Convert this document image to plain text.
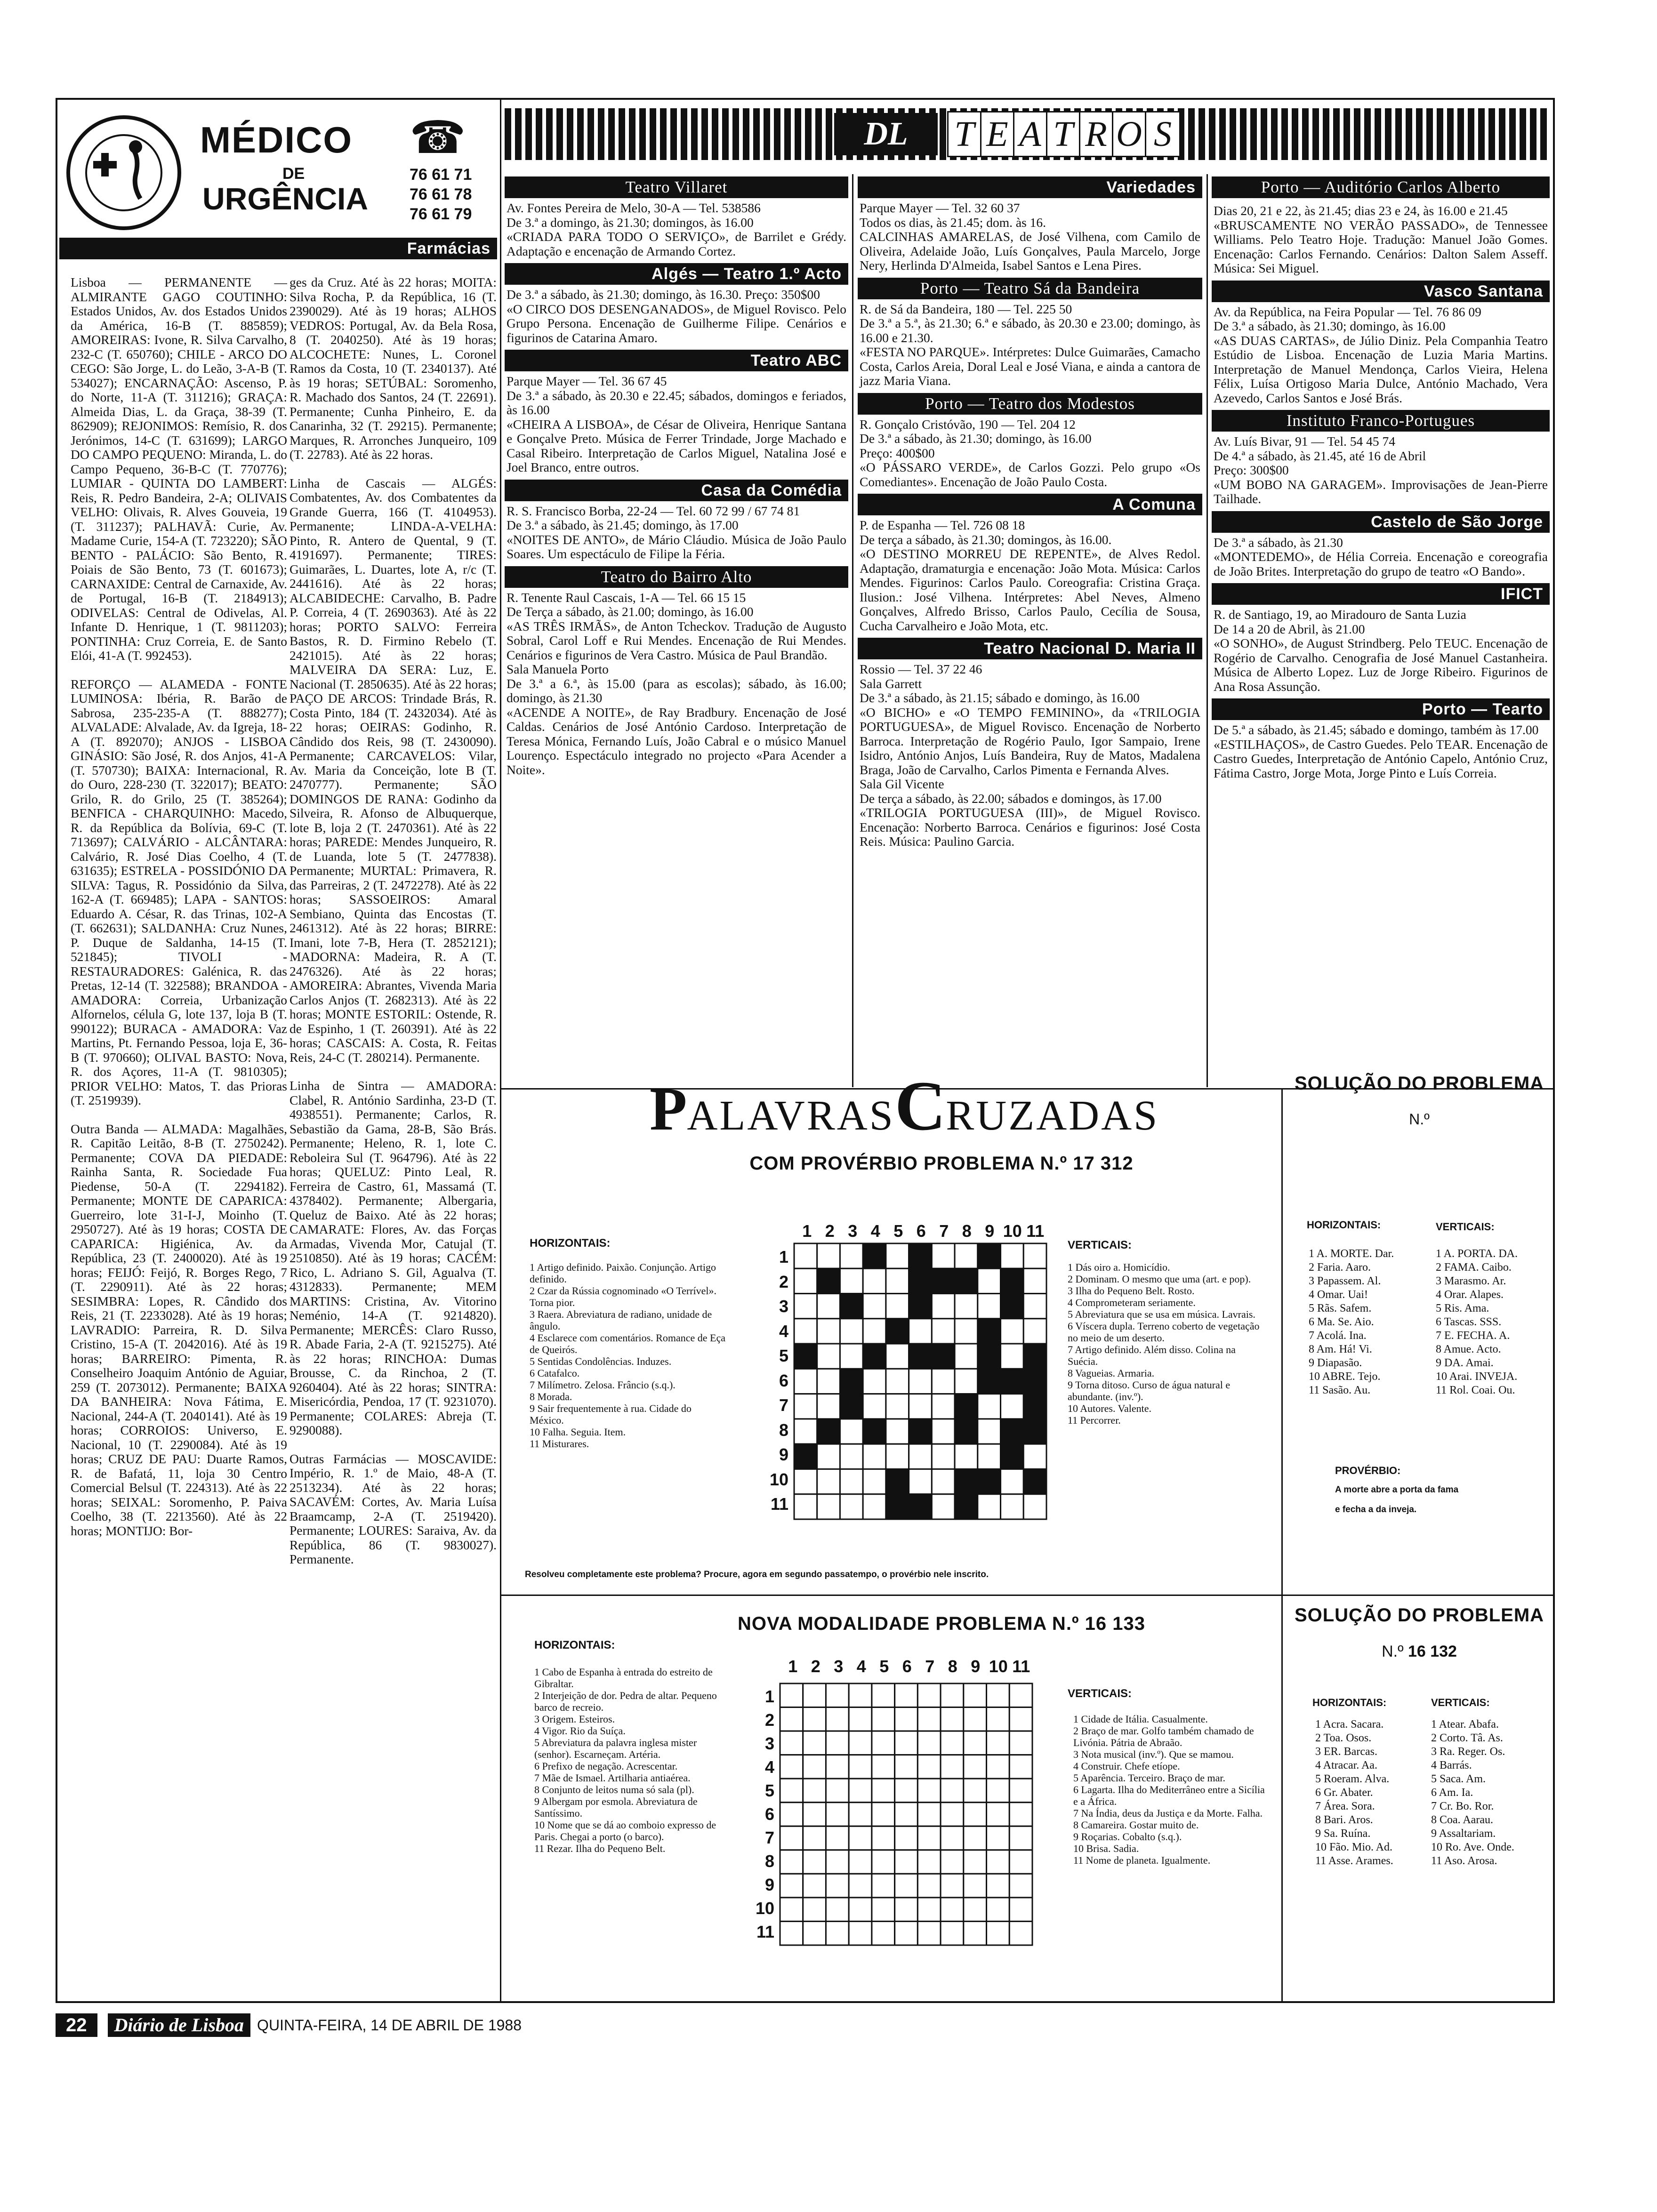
MÉDICO
DE
URGÊNCIA
☎
76 61 71
76 61 78
76 61 79
Farmácias

Lisboa — PERMANENTE — ALMIRANTE GAGO COUTINHO: Estados Unidos, Av. dos Estados Unidos da América, 16-B (T. 885859); AMOREIRAS: Ivone, R. Silva Carvalho, 232-C (T. 650760); CHILE - ARCO DO CEGO: São Jorge, L. do Leão, 3-A-B (T. 534027); ENCARNAÇÃO: Ascenso, P. do Norte, 11-A (T. 311216); GRAÇA: Almeida Dias, L. da Graça, 38-39 (T. 862909); REJONIMOS: Remísio, R. dos Jerónimos, 14-C (T. 631699); LARGO DO CAMPO PEQUENO: Miranda, L. do Campo Pequeno, 36-B-C (T. 770776); LUMIAR - QUINTA DO LAMBERT: Reis, R. Pedro Bandeira, 2-A; OLIVAIS VELHO: Olivais, R. Alves Gouveia, 19 (T. 311237); PALHAVÃ: Curie, Av. Madame Curie, 154-A (T. 723220); SÃO BENTO - PALÁCIO: São Bento, R. Poiais de São Bento, 73 (T. 601673); CARNAXIDE: Central de Carnaxide, Av. de Portugal, 16-B (T. 2184913); ODIVELAS: Central de Odivelas, Al. Infante D. Henrique, 1 (T. 9811203); PONTINHA: Cruz Correia, E. de Santo Elói, 41-A (T. 992453).

REFORÇO — ALAMEDA - FONTE LUMINOSA: Ibéria, R. Barão de Sabrosa, 235-235-A (T. 888277); ALVALADE: Alvalade, Av. da Igreja, 18-A (T. 892070); ANJOS - LISBOA GINÁSIO: São José, R. dos Anjos, 41-A (T. 570730); BAIXA: Internacional, R. do Ouro, 228-230 (T. 322017); BEATO: Grilo, R. do Grilo, 25 (T. 385264); BENFICA - CHARQUINHO: Macedo, R. da República da Bolívia, 69-C (T. 713697); CALVÁRIO - ALCÂNTARA: Calvário, R. José Dias Coelho, 4 (T. 631635); ESTRELA - POSSIDÓNIO DA SILVA: Tagus, R. Possidónio da Silva, 162-A (T. 669485); LAPA - SANTOS: Eduardo A. César, R. das Trinas, 102-A (T. 662631); SALDANHA: Cruz Nunes, P. Duque de Saldanha, 14-15 (T. 521845); TIVOLI - RESTAURADORES: Galénica, R. das Pretas, 12-14 (T. 322588); BRANDOA - AMADORA: Correia, Urbanização Alfornelos, célula G, lote 137, loja B (T. 990122); BURACA - AMADORA: Vaz Martins, Pt. Fernando Pessoa, loja E, 36-B (T. 970660); OLIVAL BASTO: Nova, R. dos Açores, 11-A (T. 9810305); PRIOR VELHO: Matos, T. das Prioras (T. 2519939).

Outra Banda — ALMADA: Magalhães, R. Capitão Leitão, 8-B (T. 2750242). Permanente; COVA DA PIEDADE: Rainha Santa, R. Sociedade Fua Piedense, 50-A (T. 2294182). Permanente; MONTE DE CAPARICA: Guerreiro, lote 31-I-J, Moinho (T. 2950727). Até às 19 horas; COSTA DE CAPARICA: Higiénica, Av. da República, 23 (T. 2400020). Até às 19 horas; FEIJÓ: Feijó, R. Borges Rego, 7 (T. 2290911). Até às 22 horas; SESIMBRA: Lopes, R. Cândido dos Reis, 21 (T. 2233028). Até às 19 horas; LAVRADIO: Parreira, R. D. Silva Cristino, 15-A (T. 2042016). Até às 19 horas; BARREIRO: Pimenta, R. Conselheiro Joaquim António de Aguiar, 259 (T. 2073012). Permanente; BAIXA DA BANHEIRA: Nova Fátima, E. Nacional, 244-A (T. 2040141). Até às 19 horas; CORROIOS: Universo, E. Nacional, 10 (T. 2290084). Até às 19 horas; CRUZ DE PAU: Duarte Ramos, R. de Bafatá, 11, loja 30 Centro Comercial Belsul (T. 224313). Até às 22 horas; SEIXAL: Soromenho, P. Paiva Coelho, 38 (T. 2213560). Até às 22 horas; MONTIJO: Bor-

ges da Cruz. Até às 22 horas; MOITA: Silva Rocha, P. da República, 16 (T. 2390029). Até às 19 horas; ALHOS VEDROS: Portugal, Av. da Bela Rosa, 8 (T. 2040250). Até às 19 horas; ALCOCHETE: Nunes, L. Coronel Ramos da Costa, 10 (T. 2340137). Até às 19 horas; SETÚBAL: Soromenho, R. Machado dos Santos, 24 (T. 22691). Permanente; Cunha Pinheiro, E. da Canarinha, 32 (T. 29215). Permanente; Marques, R. Arronches Junqueiro, 109 (T. 22783). Até às 22 horas.

Linha de Cascais — ALGÉS: Combatentes, Av. dos Combatentes da Grande Guerra, 166 (T. 4104953). Permanente; LINDA-A-VELHA: Pinto, R. Antero de Quental, 9 (T. 4191697). Permanente; TIRES: Guimarães, L. Duartes, lote A, r/c (T. 2441616). Até às 22 horas; ALCABIDECHE: Carvalho, B. Padre P. Correia, 4 (T. 2690363). Até às 22 horas; PORTO SALVO: Ferreira Bastos, R. D. Firmino Rebelo (T. 2421015). Até às 22 horas; MALVEIRA DA SERA: Luz, E. Nacional (T. 2850635). Até às 22 horas; PAÇO DE ARCOS: Trindade Brás, R. Costa Pinto, 184 (T. 2432034). Até às 22 horas; OEIRAS: Godinho, R. Cândido dos Reis, 98 (T. 2430090). Permanente; CARCAVELOS: Vilar, Av. Maria da Conceição, lote B (T. 2470777). Permanente; SÃO DOMINGOS DE RANA: Godinho da Silveira, R. Afonso de Albuquerque, lote B, loja 2 (T. 2470361). Até às 22 horas; PAREDE: Mendes Junqueiro, R. de Luanda, lote 5 (T. 2477838). Permanente; MURTAL: Primavera, R. das Parreiras, 2 (T. 2472278). Até às 22 horas; SASSOEIROS: Amaral Sembiano, Quinta das Encostas (T. 2461312). Até às 22 horas; BIRRE: Imani, lote 7-B, Hera (T. 2852121); MADORNA: Madeira, R. A (T. 2476326). Até às 22 horas; AMOREIRA: Abrantes, Vivenda Maria Carlos Anjos (T. 2682313). Até às 22 horas; MONTE ESTORIL: Ostende, R. de Espinho, 1 (T. 260391). Até às 22 horas; CASCAIS: A. Costa, R. Feitas Reis, 24-C (T. 280214). Permanente.

Linha de Sintra — AMADORA: Clabel, R. António Sardinha, 23-D (T. 4938551). Permanente; Carlos, R. Sebastião da Gama, 28-B, São Brás. Permanente; Heleno, R. 1, lote C. Reboleira Sul (T. 964796). Até às 22 horas; QUELUZ: Pinto Leal, R. Ferreira de Castro, 61, Massamá (T. 4378402). Permanente; Albergaria, Queluz de Baixo. Até às 22 horas; CAMARATE: Flores, Av. das Forças Armadas, Vivenda Mor, Catujal (T. 2510850). Até às 19 horas; CACÉM: Rico, L. Adriano S. Gil, Agualva (T. 4312833). Permanente; MEM MARTINS: Cristina, Av. Vitorino Neménio, 14-A (T. 9214820). Permanente; MERCÊS: Claro Russo, R. Abade Faria, 2-A (T. 9215275). Até às 22 horas; RINCHOA: Dumas Brousse, C. da Rinchoa, 2 (T. 9260404). Até às 22 horas; SINTRA: Misericórdia, Pendoa, 17 (T. 9231070). Permanente; COLARES: Abreja (T. 9290088).

Outras Farmácias — MOSCAVIDE: Império, R. 1.º de Maio, 48-A (T. 2513234). Até às 22 horas; SACAVÉM: Cortes, Av. Maria Luísa Braamcamp, 2-A (T. 2519420). Permanente; LOURES: Saraiva, Av. da República, 86 (T. 9830027). Permanente.

DL	T E A T R O S
Teatro Villaret
Av. Fontes Pereira de Melo, 30-A — Tel. 538586
De 3.ª a domingo, às 21.30; domingos, às 16.00
«CRIADA PARA TODO O SERVIÇO», de Barrilet e Grédy. Adaptação e encenação de Armando Cortez.
Algés — Teatro 1.º Acto
De 3.ª a sábado, às 21.30; domingo, às 16.30. Preço: 350$00
«O CIRCO DOS DESENGANADOS», de Miguel Rovisco. Pelo Grupo Persona. Encenação de Guilherme Filipe. Cenários e figurinos de Catarina Amaro.
Teatro ABC
Parque Mayer — Tel. 36 67 45
De 3.ª a sábado, às 20.30 e 22.45; sábados, domingos e feriados, às 16.00
«CHEIRA A LISBOA», de César de Oliveira, Henrique Santana e Gonçalve Preto. Música de Ferrer Trindade, Jorge Machado e Casal Ribeiro. Interpretação de Carlos Miguel, Natalina José e Joel Branco, entre outros.
Casa da Comédia
R. S. Francisco Borba, 22-24 — Tel. 60 72 99 / 67 74 81
De 3.ª a sábado, às 21.45; domingo, às 17.00
«NOITES DE ANTO», de Mário Cláudio. Música de João Paulo Soares. Um espectáculo de Filipe la Féria.
Teatro do Bairro Alto
R. Tenente Raul Cascais, 1-A — Tel. 66 15 15
De Terça a sábado, às 21.00; domingo, às 16.00
«AS TRÊS IRMÃS», de Anton Tcheckov. Tradução de Augusto Sobral, Carol Loff e Rui Mendes. Encenação de Rui Mendes. Cenários e figurinos de Vera Castro. Música de Paul Brandão.
Sala Manuela Porto
De 3.ª a 6.ª, às 15.00 (para as escolas); sábado, às 16.00; domingo, às 21.30
«ACENDE A NOITE», de Ray Bradbury. Encenação de José Caldas. Cenários de José António Cardoso. Interpretação de Teresa Mónica, Fernando Luís, João Cabral e o músico Manuel Lourenço. Espectáculo integrado no projecto «Para Acender a Noite».
Variedades
Parque Mayer — Tel. 32 60 37
Todos os dias, às 21.45; dom. às 16.
CALCINHAS AMARELAS, de José Vilhena, com Camilo de Oliveira, Adelaide João, Luís Gonçalves, Paula Marcelo, Jorge Nery, Herlinda D'Almeida, Isabel Santos e Lena Pires.
Porto — Teatro Sá da Bandeira
R. de Sá da Bandeira, 180 — Tel. 225 50
De 3.ª a 5.ª, às 21.30; 6.ª e sábado, às 20.30 e 23.00; domingo, às 16.00 e 21.30.
«FESTA NO PARQUE». Intérpretes: Dulce Guimarães, Camacho Costa, Carlos Areia, Doral Leal e José Viana, e ainda a cantora de jazz Maria Viana.
Porto — Teatro dos Modestos
R. Gonçalo Cristóvão, 190 — Tel. 204 12
De 3.ª a sábado, às 21.30; domingo, às 16.00
Preço: 400$00
«O PÁSSARO VERDE», de Carlos Gozzi. Pelo grupo «Os Comediantes». Encenação de João Paulo Costa.
A Comuna
P. de Espanha — Tel. 726 08 18
De terça a sábado, às 21.30; domingos, às 16.00.
«O DESTINO MORREU DE REPENTE», de Alves Redol. Adaptação, dramaturgia e encenação: João Mota. Música: Carlos Mendes. Figurinos: Carlos Paulo. Coreografia: Cristina Graça. Ilusion.: José Vilhena. Intérpretes: Abel Neves, Almeno Gonçalves, Alfredo Brisso, Carlos Paulo, Cecília de Sousa, Cucha Carvalheiro e João Mota, etc.
Teatro Nacional D. Maria II
Rossio — Tel. 37 22 46
Sala Garrett
De 3.ª a sábado, às 21.15; sábado e domingo, às 16.00
«O BICHO» e «O TEMPO FEMININO», da «TRILOGIA PORTUGUESA», de Miguel Rovisco. Encenação de Norberto Barroca. Interpretação de Rogério Paulo, Igor Sampaio, Irene Isidro, António Anjos, Luís Bandeira, Ruy de Matos, Madalena Braga, João de Carvalho, Carlos Pimenta e Fernanda Alves.
Sala Gil Vicente
De terça a sábado, às 22.00; sábados e domingos, às 17.00
«TRILOGIA PORTUGUESA (III)», de Miguel Rovisco. Encenação: Norberto Barroca. Cenários e figurinos: José Costa Reis. Música: Paulino Garcia.
Porto — Auditório Carlos Alberto
Dias 20, 21 e 22, às 21.45; dias 23 e 24, às 16.00 e 21.45
«BRUSCAMENTE NO VERÃO PASSADO», de Tennessee Williams. Pelo Teatro Hoje. Tradução: Manuel João Gomes. Encenação: Carlos Fernando. Cenários: Dalton Salem Asseff. Música: Sei Miguel.
Vasco Santana
Av. da República, na Feira Popular — Tel. 76 86 09
De 3.ª a sábado, às 21.30; domingo, às 16.00
«AS DUAS CARTAS», de Júlio Diniz. Pela Companhia Teatro Estúdio de Lisboa. Encenação de Luzia Maria Martins. Interpretação de Manuel Mendonça, Carlos Vieira, Helena Félix, Luísa Ortigoso Maria Dulce, António Machado, Vera Azevedo, Carlos Santos e José Brás.
Instituto Franco-Portugues
Av. Luís Bivar, 91 — Tel. 54 45 74
De 4.ª a sábado, às 21.45, até 16 de Abril
Preço: 300$00
«UM BOBO NA GARAGEM». Improvisações de Jean-Pierre Tailhade.
Castelo de São Jorge
De 3.ª a sábado, às 21.30
«MONTEDEMO», de Hélia Correia. Encenação e coreografia de João Brites. Interpretação do grupo de teatro «O Bando».
IFICT
R. de Santiago, 19, ao Miradouro de Santa Luzia
De 14 a 20 de Abril, às 21.00
«O SONHO», de August Strindberg. Pelo TEUC. Encenação de Rogério de Carvalho. Cenografia de José Manuel Castanheira. Música de Alberto Lopez. Luz de Jorge Ribeiro. Figurinos de Ana Rosa Assunção.
Porto — Tearto
De 5.ª a sábado, às 21.45; sábado e domingo, também às 17.00
«ESTILHAÇOS», de Castro Guedes. Pelo TEAR. Encenação de Castro Guedes, Interpretação de António Capelo, António Cruz, Fátima Castro, Jorge Mota, Jorge Pinto e Luís Correia.
PALAVRASCRUZADAS
COM PROVÉRBIO PROBLEMA N.º 17 312
HORIZONTAIS:
1 Artigo definido. Paixão. Conjunção. Artigo definido.
2 Czar da Rússia cognominado «O Terrível». Torna pior.
3 Raera. Abreviatura de radiano, unidade de ângulo.
4 Esclarece com comentários. Romance de Eça de Queirós.
5 Sentidas Condolências. Induzes.
6 Catafalco.
7 Milímetro. Zelosa. Frâncio (s.q.).
8 Morada.
9 Sair frequentemente à rua. Cidade do México.
10 Falha. Seguia. Item.
11 Misturares.
1 2 3 4 5 6 7 8 9 10 11
1
2
3
4
5
6
7
8
9
10
11
VERTICAIS:
1 Dás oiro a. Homicídio.
2 Dominam. O mesmo que uma (art. e pop).
3 Ilha do Pequeno Belt. Rosto.
4 Comprometeram seriamente.
5 Abreviatura que se usa em música. Lavrais.
6 Víscera dupla. Terreno coberto de vegetação no meio de um deserto.
7 Artigo definido. Além disso. Colina na Suécia.
8 Vagueias. Armaria.
9 Torna ditoso. Curso de água natural e abundante. (inv.º).
10 Autores. Valente.
11 Percorrer.
Resolveu completamente este problema? Procure, agora em segundo passatempo, o provérbio nele inscrito.
SOLUÇÃO DO PROBLEMA
N.º
HORIZONTAIS:
1 A. MORTE. Dar.
2 Faria. Aaro.
3 Papassem. Al.
4 Omar. Uai!
5 Rãs. Safem.
6 Ma. Se. Aio.
7 Acolá. Ina.
8 Am. Há! Vi.
9 Diapasão.
10 ABRE. Tejo.
11 Sasão. Au.
VERTICAIS:
1 A. PORTA. DA.
2 FAMA. Caibo.
3 Marasmo. Ar.
4 Orar. Alapes.
5 Ris. Ama.
6 Tascas. SSS.
7 E. FECHA. A.
8 Amue. Acto.
9 DA. Amai.
10 Arai. INVEJA.
11 Rol. Coai. Ou.
PROVÉRBIO:
A morte abre a porta da fama
e fecha a da inveja.
NOVA MODALIDADE PROBLEMA N.º 16 133
HORIZONTAIS:
1 Cabo de Espanha à entrada do estreito de Gibraltar.
2 Interjeição de dor. Pedra de altar. Pequeno barco de recreio.
3 Origem. Esteiros.
4 Vigor. Rio da Suíça.
5 Abreviatura da palavra inglesa mister (senhor). Escarneçam. Artéria.
6 Prefixo de negação. Acrescentar.
7 Mãe de Ismael. Artilharia antiaérea.
8 Conjunto de leitos numa só sala (pl).
9 Albergam por esmola. Abreviatura de Santíssimo.
10 Nome que se dá ao comboio expresso de Paris. Chegai a porto (o barco).
11 Rezar. Ilha do Pequeno Belt.
1 2 3 4 5 6 7 8 9 10 11
1
2
3
4
5
6
7
8
9
10
11
VERTICAIS:
1 Cidade de Itália. Casualmente.
2 Braço de mar. Golfo também chamado de Livónia. Pátria de Abraão.
3 Nota musical (inv.º). Que se mamou.
4 Construir. Chefe etíope.
5 Aparência. Terceiro. Braço de mar.
6 Lagarta. Ilha do Mediterrâneo entre a Sicília e a África.
7 Na Índia, deus da Justiça e da Morte. Falha.
8 Camareira. Gostar muito de.
9 Roçarias. Cobalto (s.q.).
10 Brisa. Sadia.
11 Nome de planeta. Igualmente.
SOLUÇÃO DO PROBLEMA
N.º 16 132
HORIZONTAIS:
1 Acra. Sacara.
2 Toa. Osos.
3 ER. Barcas.
4 Atracar. Aa.
5 Roeram. Alva.
6 Gr. Abater.
7 Área. Sora.
8 Bari. Aros.
9 Sa. Ruína.
10 Fão. Mio. Ad.
11 Asse. Arames.
VERTICAIS:
1 Atear. Abafa.
2 Corto. Tâ. As.
3 Ra. Reger. Os.
4 Barrás.
5 Saca. Am.
6 Am. Ia.
7 Cr. Bo. Ror.
8 Coa. Aarau.
9 Assaltariam.
10 Ro. Ave. Onde.
11 Aso. Arosa.
22	Diário de Lisboa QUINTA-FEIRA, 14 DE ABRIL DE 1988
